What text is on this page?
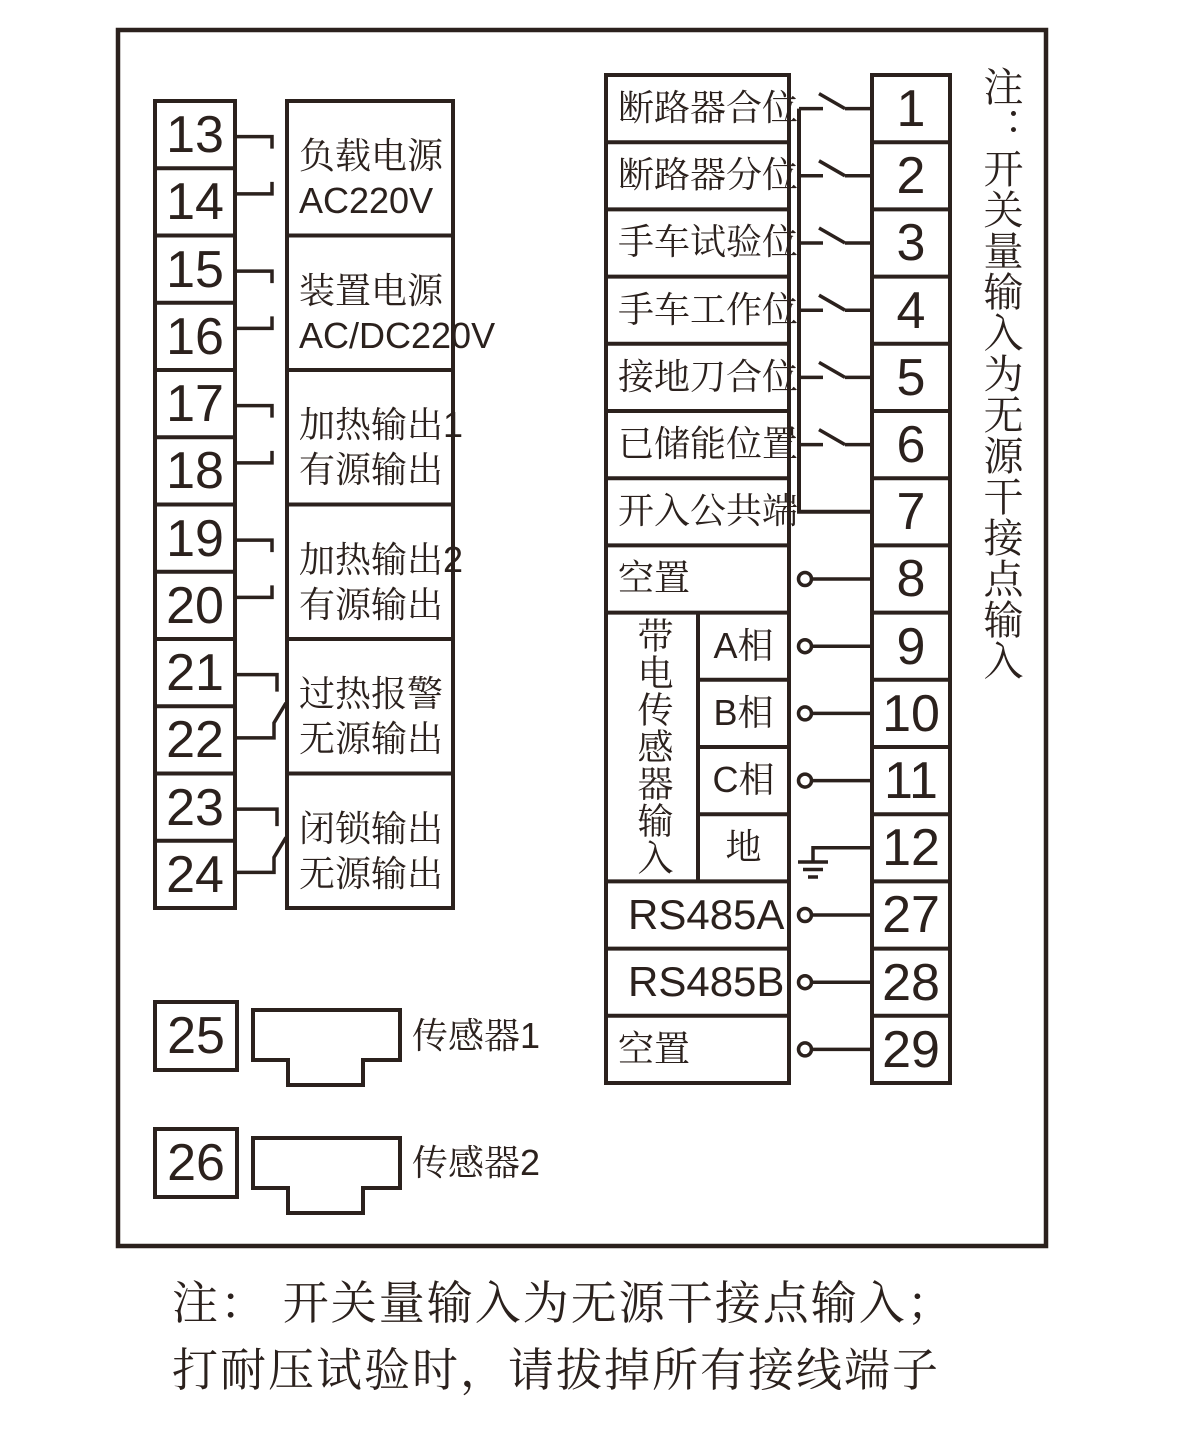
13
14
15
16
17
18
19
20
21
22
23
24
负载电源
AC220V
装置电源
AC/DC220V
加热输出1
有源输出
加热输出2
有源输出
过热报警
无源输出
闭锁输出
无源输出
25
26
传感器1
传感器2
断路器合位
断路器分位
手车试验位
手车工作位
接地刀合位
已储能位置
开入公共端
空置
A相
B相
C相
地
RS485A
RS485B
空置
带电传感器输入
1
2
3
4
5
6
7
8
9
10
11
12
27
28
29
注：开关量输入为无源干接点输入
注： 开关量输入为无源干接点输入；
打耐压试验时，请拔掉所有接线端子
